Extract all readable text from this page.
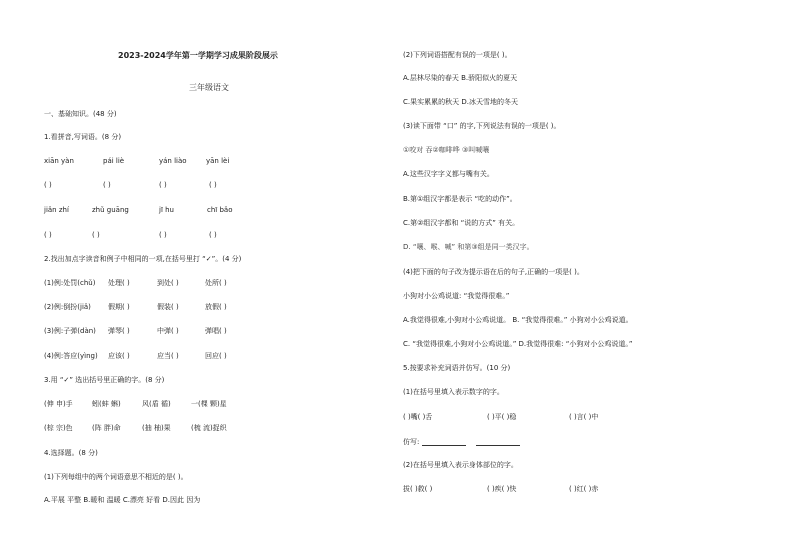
2023-2024学年第一学期学习成果阶段展示
三年级语文
一、基础知识。(48 分)
1.看拼音,写词语。(8 分)
xiān yàn	pái liè	yán liào	yān lèi
( )	( )	( )	( )
jiǎn zhí	zhǔ guāng	jī hu	chī bǎo
( )	( )	( )	( )
2.找出加点字读音和例子中相同的一项,在括号里打 “✓”。(4 分)
(1)例:处罚(chǔ) 处理( )	到处( )	处所( )
(2)例:倒扮(jiǎ) 假期( )	假装( )	放假( )
(3)例:子弹(dàn) 弹琴( )	中弹( )	弹唱( )
(4)例:答应(yìng) 应该( )	应当( )	回应( )
3.用 “✓” 选出括号里正确的字。(8 分)
(伸 申)手	蚓(蚌 蝌)	风(盾 循)	一(棵 颗)星
(棕 宗)色	(阵 胖)命	(抽 柚)果	(梳 流)捉织
4.选择题。(8 分)
(1)下列每组中的两个词语意思不相近的是( )。
A.平展 平整 B.暖和 温暖 C.漂亮 好看 D.因此 因为
(2)下列词语搭配有误的一项是( )。
A.层林尽染的春天 B.骄阳似火的夏天
C.果实累累的秋天 D.冰天雪地的冬天
(3)读下面带 “口” 的字,下列说法有误的一项是( )。
①咬对 吞②咖啡哗 ③叫喊嚷
A.这些汉字字义都与嘴有关。
B.第①组汉字都是表示 “吃的动作”。
C.第②组汉字都和 “说的方式” 有关。
D. “嚷、喉、喊” 和第③组是同一类汉字。
(4)把下面的句子改为提示语在后的句子,正确的一项是( )。
小狗对小公鸡说道: “我觉得很难。”
A.我觉得很难,小狗对小公鸡说道。 B. “我觉得很难。” 小狗对小公鸡说道。
C. “我觉得很难,小狗对小公鸡说道。” D.我觉得很难: “小狗对小公鸡说道。”
5.按要求补充词语并仿写。(10 分)
(1)在括号里填入表示数字的字。
( )嘴( )舌	( )平( )稳	( )言( )中
仿写:
(2)在括号里填入表示身体部位的字。
拔( )救( )	( )疾( )快	( )红( )赤
